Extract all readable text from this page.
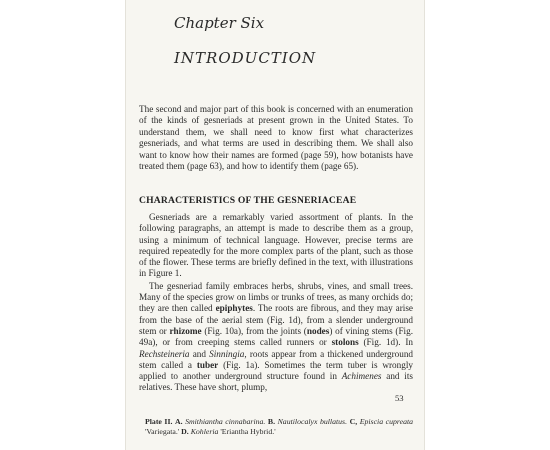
Chapter Six
INTRODUCTION

The second and major part of this book is concerned with an enumeration of the kinds of gesneriads at present grown in the United States. To understand them, we shall need to know first what characterizes gesneriads, and what terms are used in describing them. We shall also want to know how their names are formed (page 59), how botanists have treated them (page 63), and how to identify them (page 65).

CHARACTERISTICS OF THE GESNERIACEAE

Gesneriads are a remarkably varied assortment of plants. In the following paragraphs, an attempt is made to describe them as a group, using a minimum of technical language. However, precise terms are required repeatedly for the more complex parts of the plant, such as those of the flower. These terms are briefly defined in the text, with illustrations in Figure 1.

The gesneriad family embraces herbs, shrubs, vines, and small trees. Many of the species grow on limbs or trunks of trees, as many orchids do; they are then called epiphytes. The roots are fibrous, and they may arise from the base of the aerial stem (Fig. 1d), from a slender underground stem or rhizome (Fig. 10a), from the joints (nodes) of vining stems (Fig. 49a), or from creeping stems called runners or stolons (Fig. 1d). In Rechsteineria and Sinningia, roots appear from a thickened underground stem called a tuber (Fig. 1a). Sometimes the term tuber is wrongly applied to another underground structure found in Achimenes and its relatives. These have short, plump,

53

Plate II. A. Smithiantha cinnabarina. B. Nautilocalyx bullatus. C, Episcia cupreata 'Variegata.' D. Kohleria 'Eriantha Hybrid.'
